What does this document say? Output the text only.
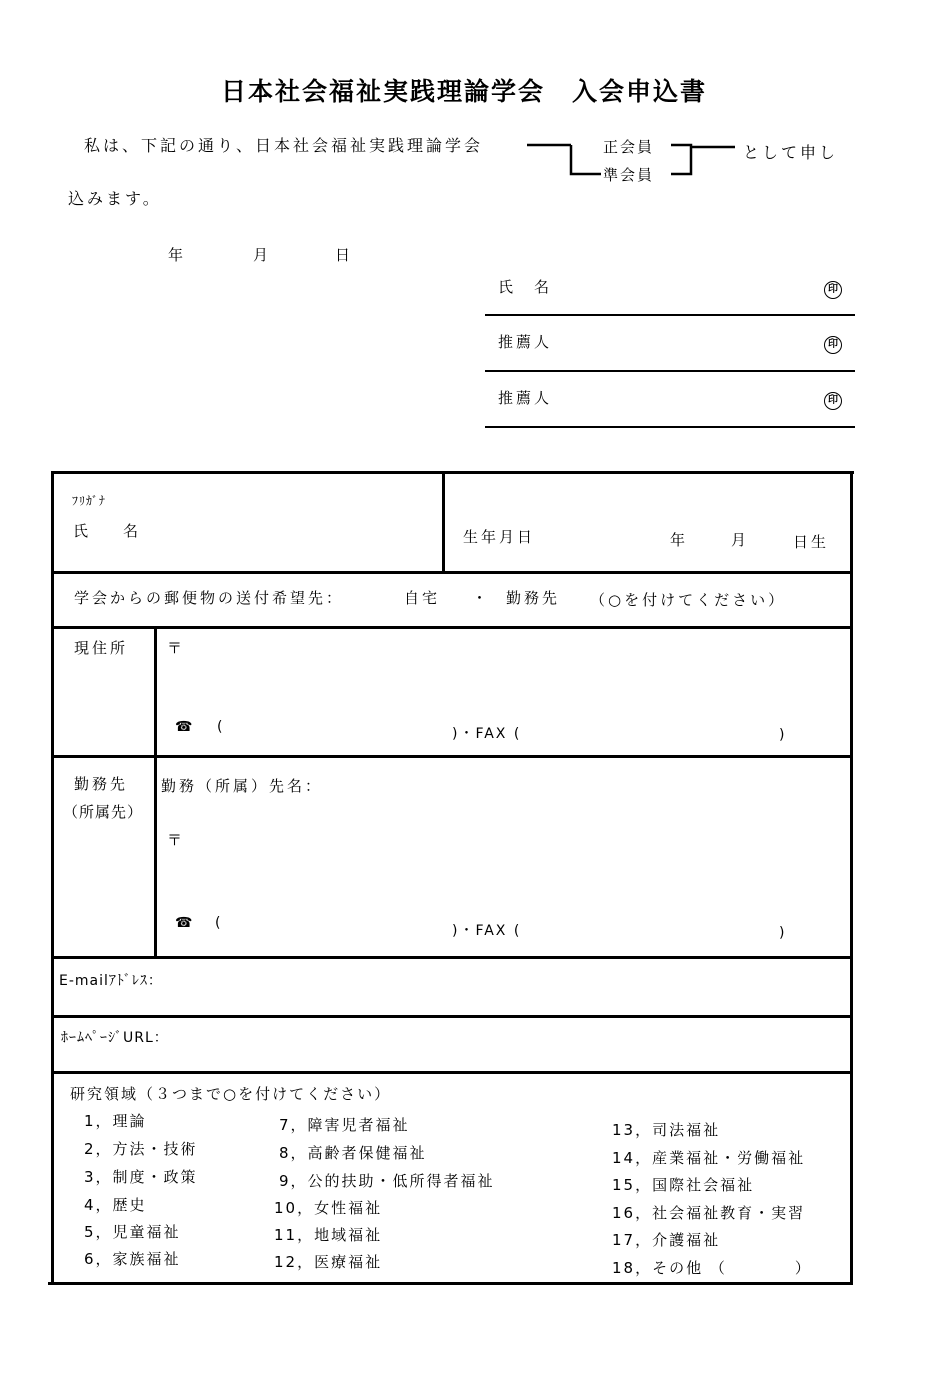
日本社会福祉実践理論学会　入会申込書
私は、下記の通り、日本社会福祉実践理論学会	正会員
準会員
として申し
込みます。
年	月	日
氏　名	印
推薦人	印
推薦人	印
ﾌﾘｶﾞﾅ
氏　名	生年月日	年	月	日生
学会からの郵便物の送付希望先：	自宅 ・ 勤務先 （○を付けてください）
現住所	〒
☎ (	)・FAX (	)
勤務先
（所属先）
勤務（所属）先名：
〒
☎ (	)・FAX (	)
E-mailｱﾄﾞﾚｽ：
ﾎｰﾑﾍﾟｰｼﾞURL：
研究領域（３つまで○を付けてください）
1，理論
2，方法・技術
3，制度・政策
4，歴史
5，児童福祉
6，家族福祉
7，障害児者福祉
8，高齢者保健福祉
9，公的扶助・低所得者福祉
10，女性福祉
11，地域福祉
12，医療福祉
13，司法福祉
14，産業福祉・労働福祉
15，国際社会福祉
16，社会福祉教育・実習
17，介護福祉
18，その他 （　　　　）
